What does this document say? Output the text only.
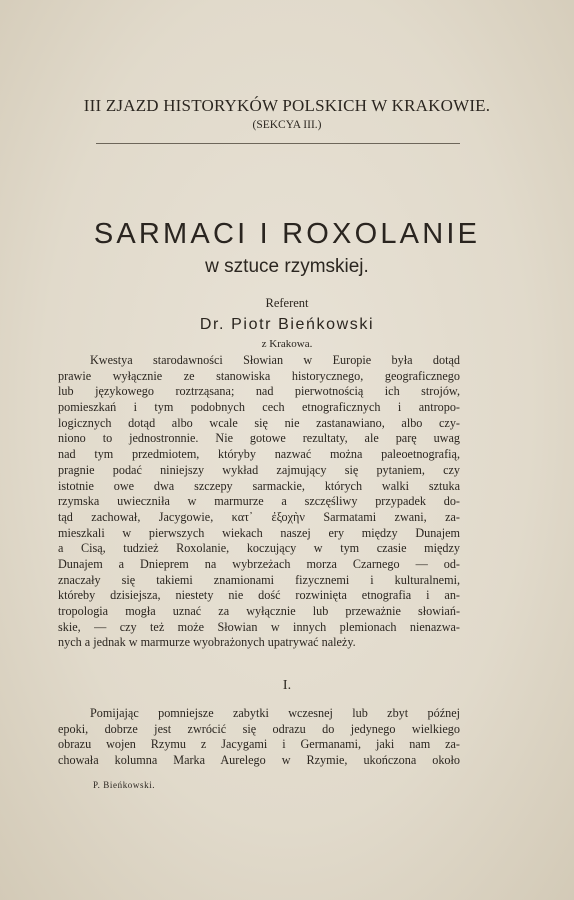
III ZJAZD HISTORYKÓW POLSKICH W KRAKOWIE.
(SEKCYA III.)
SARMACI I ROXOLANIE
w sztuce rzymskiej.
Referent
Dr. Piotr Bieńkowski
z Krakowa.
Kwestya starodawności Słowian w Europie była dotąd
prawie wyłącznie ze stanowiska historycznego, geograficznego
lub językowego roztrząsana; nad pierwotnością ich strojów,
pomieszkań i tym podobnych cech etnograficznych i antropo-
logicznych dotąd albo wcale się nie zastanawiano, albo czy-
niono to jednostronnie. Nie gotowe rezultaty, ale parę uwag
nad tym przedmiotem, któryby nazwać można paleoetnografią,
pragnie podać niniejszy wykład zajmujący się pytaniem, czy
istotnie owe dwa szczepy sarmackie, których walki sztuka
rzymska uwieczniła w marmurze a szczęśliwy przypadek do-
tąd zachował, Jacygowie, κατ᾽ ἐξοχὴν Sarmatami zwani, za-
mieszkali w pierwszych wiekach naszej ery między Dunajem
a Cisą, tudzież Roxolanie, koczujący w tym czasie między
Dunajem a Dnieprem na wybrzeżach morza Czarnego — od-
znaczały się takiemi znamionami fizycznemi i kulturalnemi,
któreby dzisiejsza, niestety nie dość rozwinięta etnografia i an-
tropologia mogła uznać za wyłącznie lub przeważnie słowiań-
skie, — czy też może Słowian w innych plemionach nienazwa-
nych a jednak w marmurze wyobrażonych upatrywać należy.
I.
Pomijając pomniejsze zabytki wczesnej lub zbyt późnej
epoki, dobrze jest zwrócić się odrazu do jedynego wielkiego
obrazu wojen Rzymu z Jacygami i Germanami, jaki nam za-
chowała kolumna Marka Aurelego w Rzymie, ukończona około
P. Bieńkowski.
